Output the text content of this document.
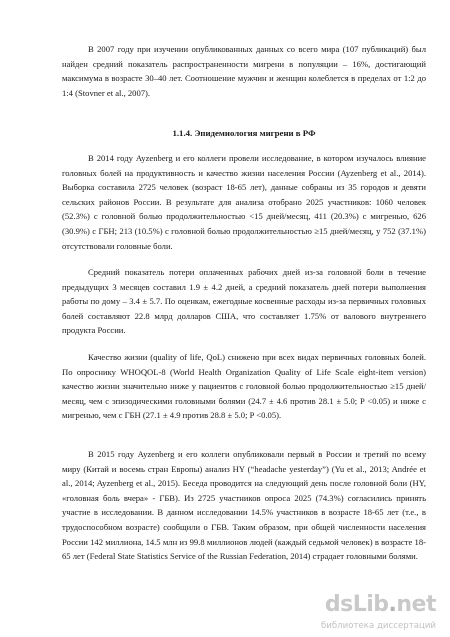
В 2007 году при изучении опубликованных данных со всего мира (107 публикаций) был найден средний показатель распространенности мигрени в популяции – 16%, достигающий максимума в возрасте 30–40 лет. Соотношение мужчин и женщин колеблется в пределах от 1:2 до 1:4 (Stovner et al., 2007).

1.1.4. Эпидемиология мигрени в РФ

В 2014 году Ayzenberg и его коллеги провели исследование, в котором изучалось влияние головных болей на продуктивность и качество жизни населения России (Ayzenberg et al., 2014). Выборка составила 2725 человек (возраст 18-65 лет), данные собраны из 35 городов и девяти сельских районов России. В результате для анализа отобрано 2025 участников: 1060 человек (52.3%) с головной болью продолжительностью <15 дней/месяц, 411 (20.3%) с мигренью, 626 (30.9%) с ГБН; 213 (10.5%) с головной болью продолжительностью ≥15 дней/месяц, у 752 (37.1%) отсутствовали головные боли.

Средний показатель потери оплаченных рабочих дней из-за головной боли в течение предыдущих 3 месяцев составил 1.9 ± 4.2 дней, а средний показатель дней потери выполнения работы по дому – 3.4 ± 5.7. По оценкам, ежегодные косвенные расходы из-за первичных головных болей составляют 22.8 млрд долларов США, что составляет 1.75% от валового внутреннего продукта России.

Качество жизни (quality of life, QoL) снижено при всех видах первичных головных болей. По опроснику WHOQOL-8 (World Health Organization Quality of Life Scale eight-item version) качество жизни значительно ниже у пациентов с головной болью продолжительностью ≥15 дней/месяц, чем с эпизодическими головными болями (24.7 ± 4.6 против 28.1 ± 5.0; P <0.05) и ниже с мигренью, чем с ГБН (27.1 ± 4.9 против 28.8 ± 5.0; P <0.05).

В 2015 году Ayzenberg и его коллеги опубликовали первый в России и третий по всему миру (Китай и восемь стран Европы) анализ HY (“headache yesterday”) (Yu et al., 2013; Andrée et al., 2014; Ayzenberg et al., 2015). Беседа проводится на следующий день после головной боли (HY, «головная боль вчера» - ГБВ). Из 2725 участников опроса 2025 (74.3%) согласились принять участие в исследовании. В данном исследовании 14.5% участников в возрасте 18-65 лет (т.е., в трудоспособном возрасте) сообщили о ГБВ. Таким образом, при общей численности населения России 142 миллиона, 14.5 млн из 99.8 миллионов людей (каждый седьмой человек) в возрасте 18-65 лет (Federal State Statistics Service of the Russian Federation, 2014) страдает головными болями.

dsLib.net
библиотека диссертаций
